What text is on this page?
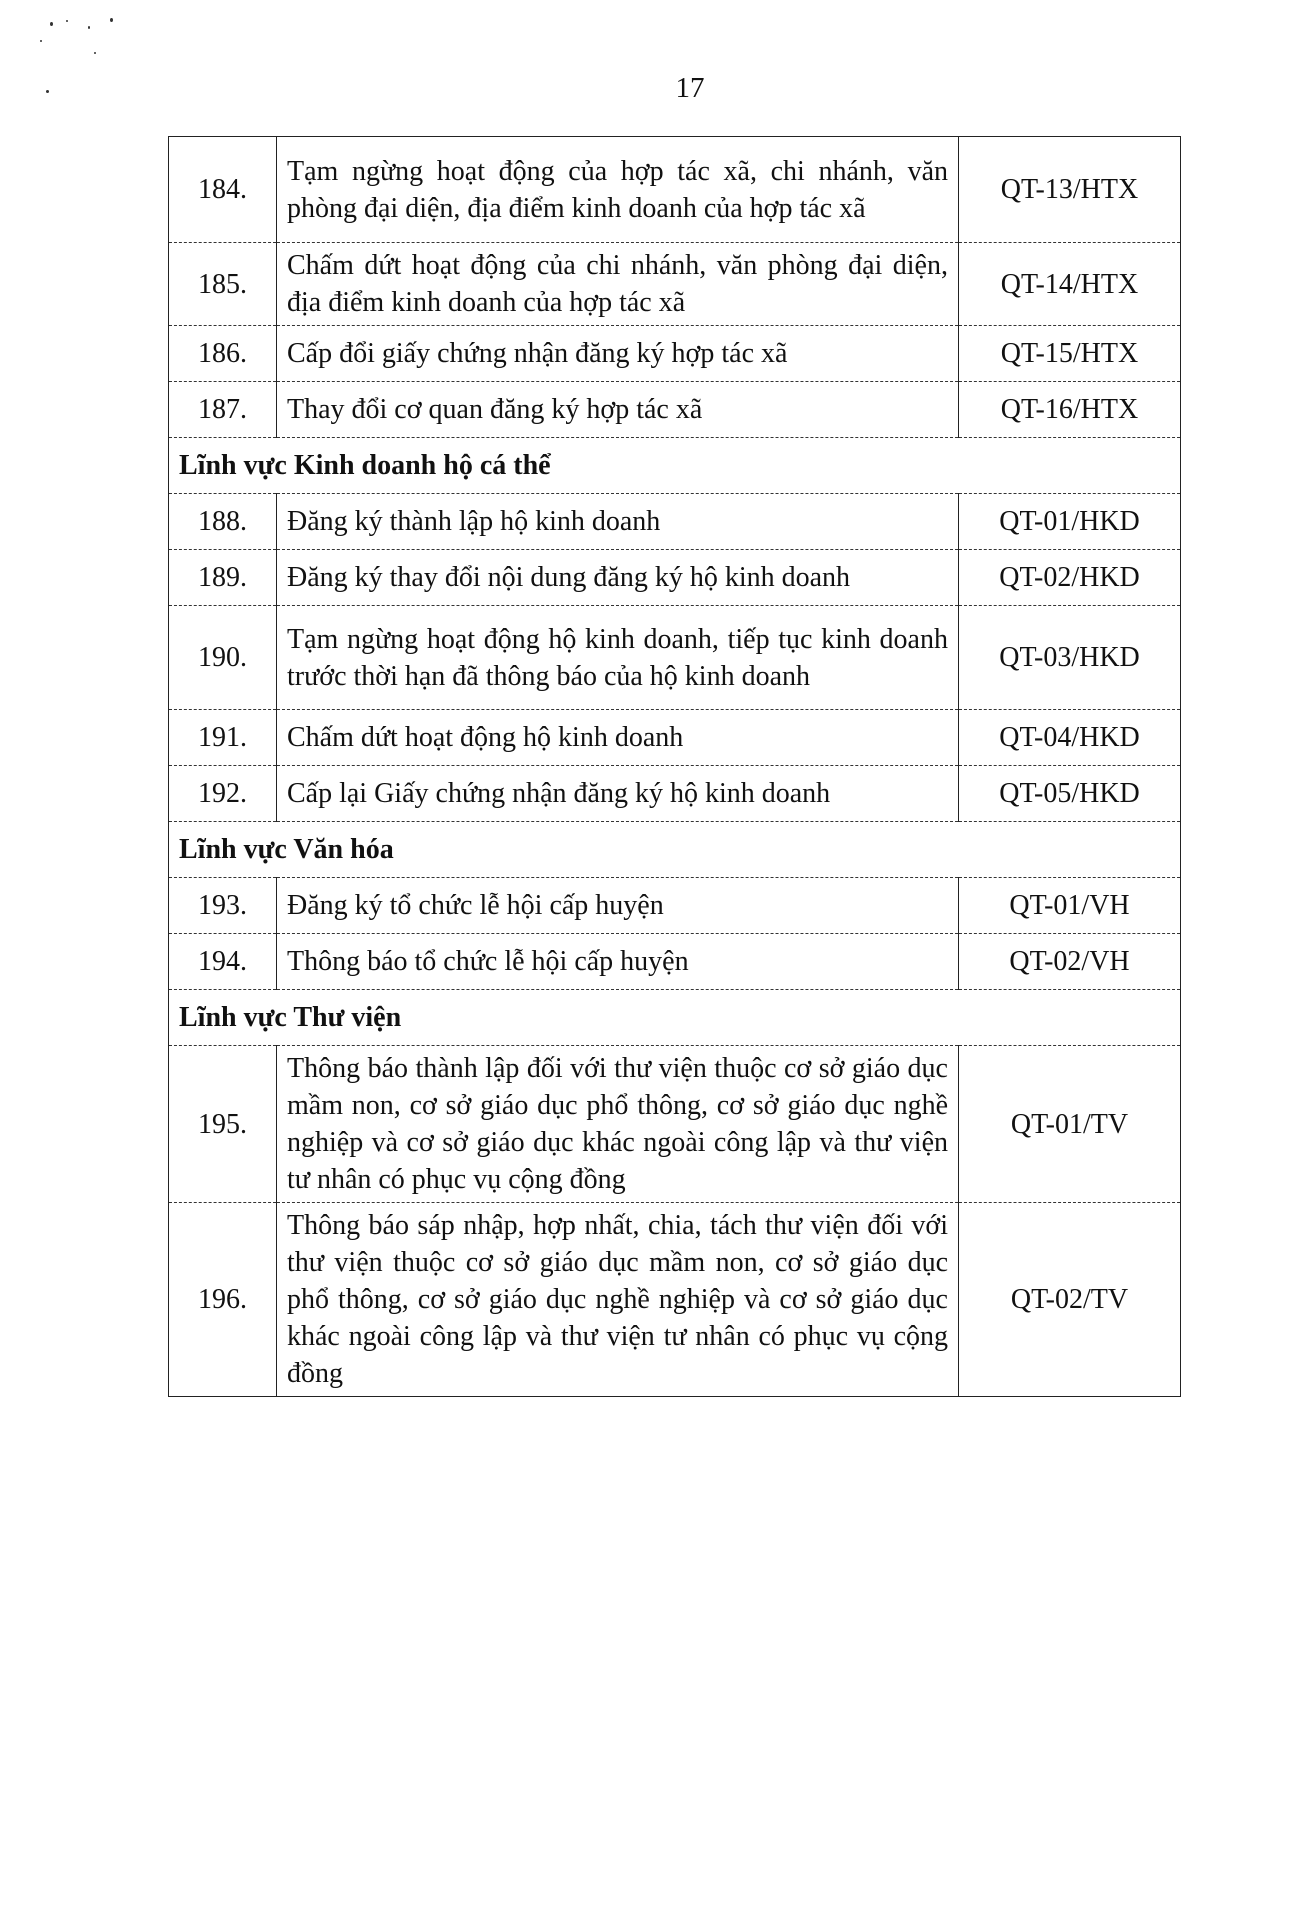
17
184.	Tạm ngừng hoạt động của hợp tác xã, chi nhánh, văn phòng đại diện, địa điểm kinh doanh của hợp tác xã	QT-13/HTX
185.	Chấm dứt hoạt động của chi nhánh, văn phòng đại diện, địa điểm kinh doanh của hợp tác xã	QT-14/HTX
186.	Cấp đổi giấy chứng nhận đăng ký hợp tác xã	QT-15/HTX
187.	Thay đổi cơ quan đăng ký hợp tác xã	QT-16/HTX
Lĩnh vực Kinh doanh hộ cá thể		
188.	Đăng ký thành lập hộ kinh doanh	QT-01/HKD
189.	Đăng ký thay đổi nội dung đăng ký hộ kinh doanh	QT-02/HKD
190.	Tạm ngừng hoạt động hộ kinh doanh, tiếp tục kinh doanh trước thời hạn đã thông báo của hộ kinh doanh	QT-03/HKD
191.	Chấm dứt hoạt động hộ kinh doanh	QT-04/HKD
192.	Cấp lại Giấy chứng nhận đăng ký hộ kinh doanh	QT-05/HKD
Lĩnh vực Văn hóa		
193.	Đăng ký tổ chức lễ hội cấp huyện	QT-01/VH
194.	Thông báo tổ chức lễ hội cấp huyện	QT-02/VH
Lĩnh vực Thư viện		
195.	Thông báo thành lập đối với thư viện thuộc cơ sở giáo dục mầm non, cơ sở giáo dục phổ thông, cơ sở giáo dục nghề nghiệp và cơ sở giáo dục khác ngoài công lập và thư viện tư nhân có phục vụ cộng đồng	QT-01/TV
196.	Thông báo sáp nhập, hợp nhất, chia, tách thư viện đối với thư viện thuộc cơ sở giáo dục mầm non, cơ sở giáo dục phổ thông, cơ sở giáo dục nghề nghiệp và cơ sở giáo dục khác ngoài công lập và thư viện tư nhân có phục vụ cộng đồng	QT-02/TV
